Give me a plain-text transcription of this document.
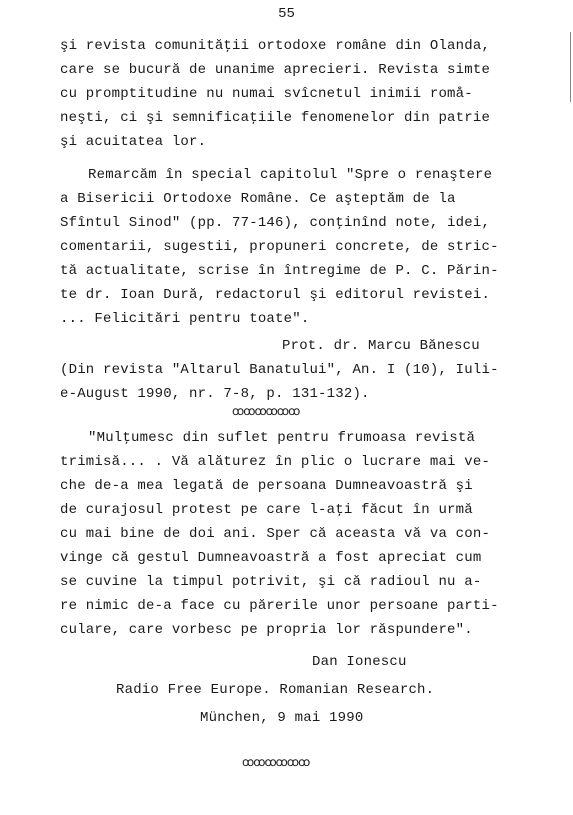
55
şi revista comunităţii ortodoxe române din Olanda,
care se bucură de unanime aprecieri. Revista simte
cu promptitudine nu numai svîcnetul inimii romå-
neşti, ci şi semnificaţiile fenomenelor din patrie
şi acuitatea lor.
Remarcăm în special capitolul "Spre o renaştere
a Bisericii Ortodoxe Române. Ce aşteptăm de la
Sfîntul Sinod" (pp. 77-146), conţinînd note, idei,
comentarii, sugestii, propuneri concrete, de stric-
tă actualitate, scrise în întregime de P. C. Părin-
te dr. Ioan Dură, redactorul şi editorul revistei.
... Felicitări pentru toate".
Prot. dr. Marcu Bănescu
(Din revista "Altarul Banatului", An. I (10), Iuli-
e-August 1990, nr. 7-8, p. 131-132).
ꝏꝏꝏꝏꝏꝏ
"Mulţumesc din suflet pentru frumoasa revistă
trimisă... . Vă alăturez în plic o lucrare mai ve-
che de-a mea legată de persoana Dumneavoastră şi
de curajosul protest pe care l-aţi făcut în urmă
cu mai bine de doi ani. Sper că aceasta vă va con-
vinge că gestul Dumneavoastră a fost apreciat cum
se cuvine la timpul potrivit, şi că radioul nu a-
re nimic de-a face cu părerile unor persoane parti-
culare, care vorbesc pe propria lor răspundere".
Dan Ionescu
Radio Free Europe. Romanian Research.
München, 9 mai 1990
ꝏꝏꝏꝏꝏꝏ
